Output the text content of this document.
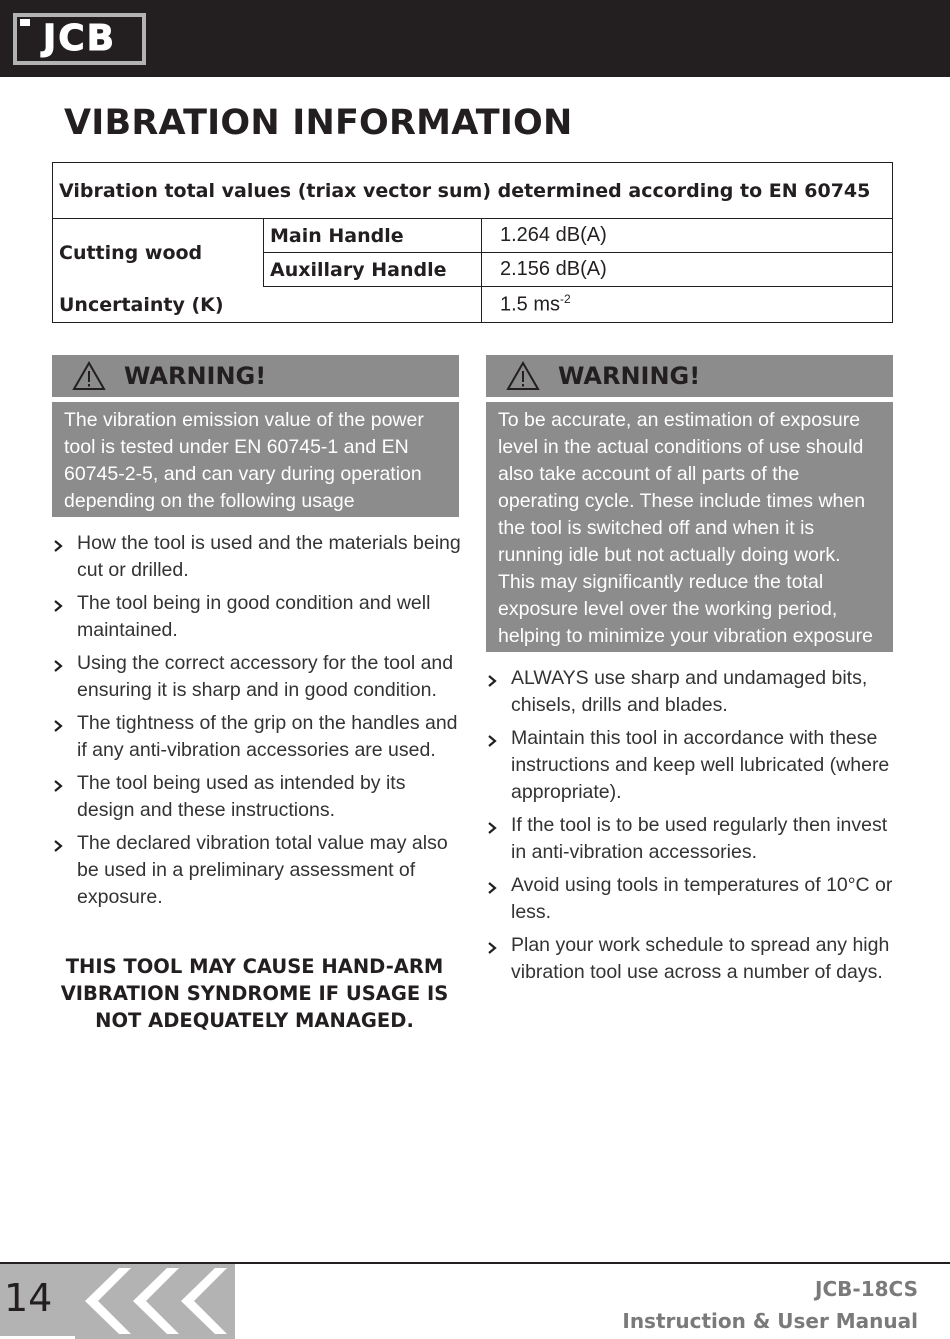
JCB
VIBRATION INFORMATION
Vibration total values (triax vector sum) determined according to EN 60745		
Cutting wood	Main Handle	1.264 dB(A)
	Auxillary Handle	2.156 dB(A)
Uncertainty (K)		1.5 $ms^{-2}$
WARNING!
The vibration emission value of the power tool is tested under EN 60745-1 and EN 60745-2-5, and can vary during operation depending on the following usage conditions:
How the tool is used and the materials being cut or drilled.
The tool being in good condition and well maintained.
Using the correct accessory for the tool and ensuring it is sharp and in good condition.
The tightness of the grip on the handles and if any anti-vibration accessories are used.
The tool being used as intended by its design and these instructions.
The declared vibration total value may also be used in a preliminary assessment of exposure.
THIS TOOL MAY CAUSE HAND-ARM VIBRATION SYNDROME IF USAGE IS NOT ADEQUATELY MANAGED.
WARNING!
To be accurate, an estimation of exposure level in the actual conditions of use should also take account of all parts of the operating cycle. These include times when the tool is switched off and when it is running idle but not actually doing work. This may significantly reduce the total exposure level over the working period, helping to minimize your vibration exposure risk.
ALWAYS use sharp and undamaged bits, chisels, drills and blades.
Maintain this tool in accordance with these instructions and keep well lubricated (where appropriate).
If the tool is to be used regularly then invest in anti-vibration accessories.
Avoid using tools in temperatures of 10°C or less.
Plan your work schedule to spread any high vibration tool use across a number of days.
14	JCB-18CS
Instruction & User Manual
